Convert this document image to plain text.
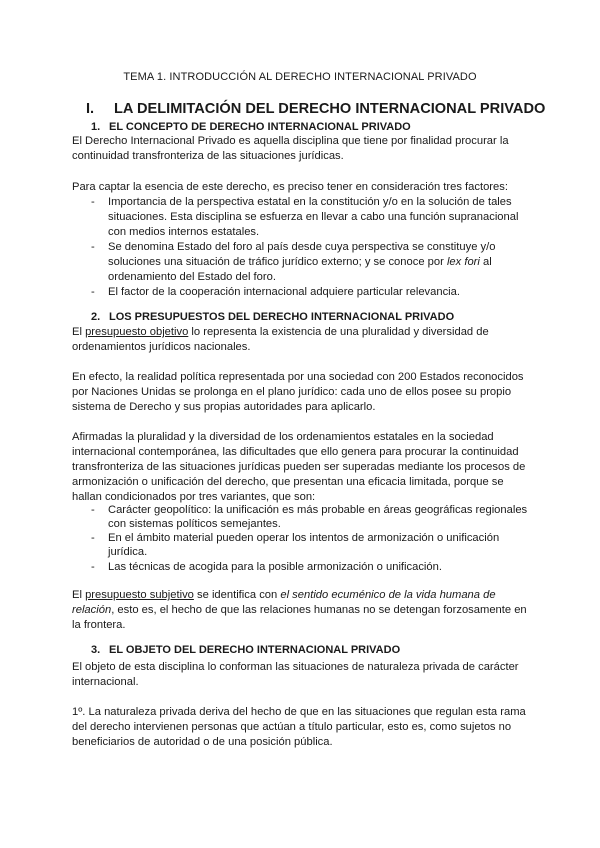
TEMA 1. INTRODUCCIÓN AL DERECHO INTERNACIONAL PRIVADO
I. LA DELIMITACIÓN DEL DERECHO INTERNACIONAL PRIVADO
1. EL CONCEPTO DE DERECHO INTERNACIONAL PRIVADO
El Derecho Internacional Privado es aquella disciplina que tiene por finalidad procurar la
continuidad transfronteriza de las situaciones jurídicas.
Para captar la esencia de este derecho, es preciso tener en consideración tres factores:
- Importancia de la perspectiva estatal en la constitución y/o en la solución de tales
situaciones. Esta disciplina se esfuerza en llevar a cabo una función supranacional
con medios internos estatales.
- Se denomina Estado del foro al país desde cuya perspectiva se constituye y/o
soluciones una situación de tráfico jurídico externo; y se conoce por lex fori al
ordenamiento del Estado del foro.
- El factor de la cooperación internacional adquiere particular relevancia.
2. LOS PRESUPUESTOS DEL DERECHO INTERNACIONAL PRIVADO
El presupuesto objetivo lo representa la existencia de una pluralidad y diversidad de
ordenamientos jurídicos nacionales.
En efecto, la realidad política representada por una sociedad con 200 Estados reconocidos
por Naciones Unidas se prolonga en el plano jurídico: cada uno de ellos posee su propio
sistema de Derecho y sus propias autoridades para aplicarlo.
Afirmadas la pluralidad y la diversidad de los ordenamientos estatales en la sociedad
internacional contemporánea, las dificultades que ello genera para procurar la continuidad
transfronteriza de las situaciones jurídicas pueden ser superadas mediante los procesos de
armonización o unificación del derecho, que presentan una eficacia limitada, porque se
hallan condicionados por tres variantes, que son:
- Carácter geopolítico: la unificación es más probable en áreas geográficas regionales
con sistemas políticos semejantes.
- En el ámbito material pueden operar los intentos de armonización o unificación
jurídica.
- Las técnicas de acogida para la posible armonización o unificación.
El presupuesto subjetivo se identifica con el sentido ecuménico de la vida humana de
relación, esto es, el hecho de que las relaciones humanas no se detengan forzosamente en
la frontera.
3. EL OBJETO DEL DERECHO INTERNACIONAL PRIVADO
El objeto de esta disciplina lo conforman las situaciones de naturaleza privada de carácter
internacional.
1º. La naturaleza privada deriva del hecho de que en las situaciones que regulan esta rama
del derecho intervienen personas que actúan a título particular, esto es, como sujetos no
beneficiarios de autoridad o de una posición pública.
